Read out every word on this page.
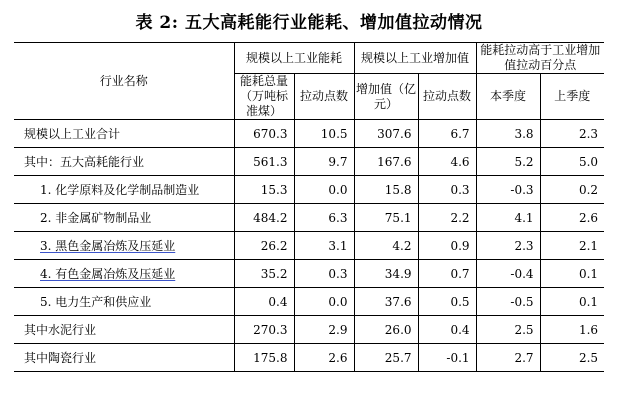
表 2: 五大高耗能行业能耗、增加值拉动情况
行业名称	规模以上工业能耗		规模以上工业增加值		能耗拉动高于工业增加值拉动百分点	
	能耗总量（万吨标准煤）	拉动点数	增加值（亿元）	拉动点数	本季度	上季度
规模以上工业合计	670.3	10.5	307.6	6.7	3.8	2.3
其中：五大高耗能行业	561.3	9.7	167.6	4.6	5.2	5.0
1. 化学原料及化学制品制造业	15.3	0.0	15.8	0.3	-0.3	0.2
2. 非金属矿物制品业	484.2	6.3	75.1	2.2	4.1	2.6
3. 黑色金属冶炼及压延业	26.2	3.1	4.2	0.9	2.3	2.1
4. 有色金属冶炼及压延业	35.2	0.3	34.9	0.7	-0.4	0.1
5. 电力生产和供应业	0.4	0.0	37.6	0.5	-0.5	0.1
其中水泥行业	270.3	2.9	26.0	0.4	2.5	1.6
其中陶瓷行业	175.8	2.6	25.7	-0.1	2.7	2.5
